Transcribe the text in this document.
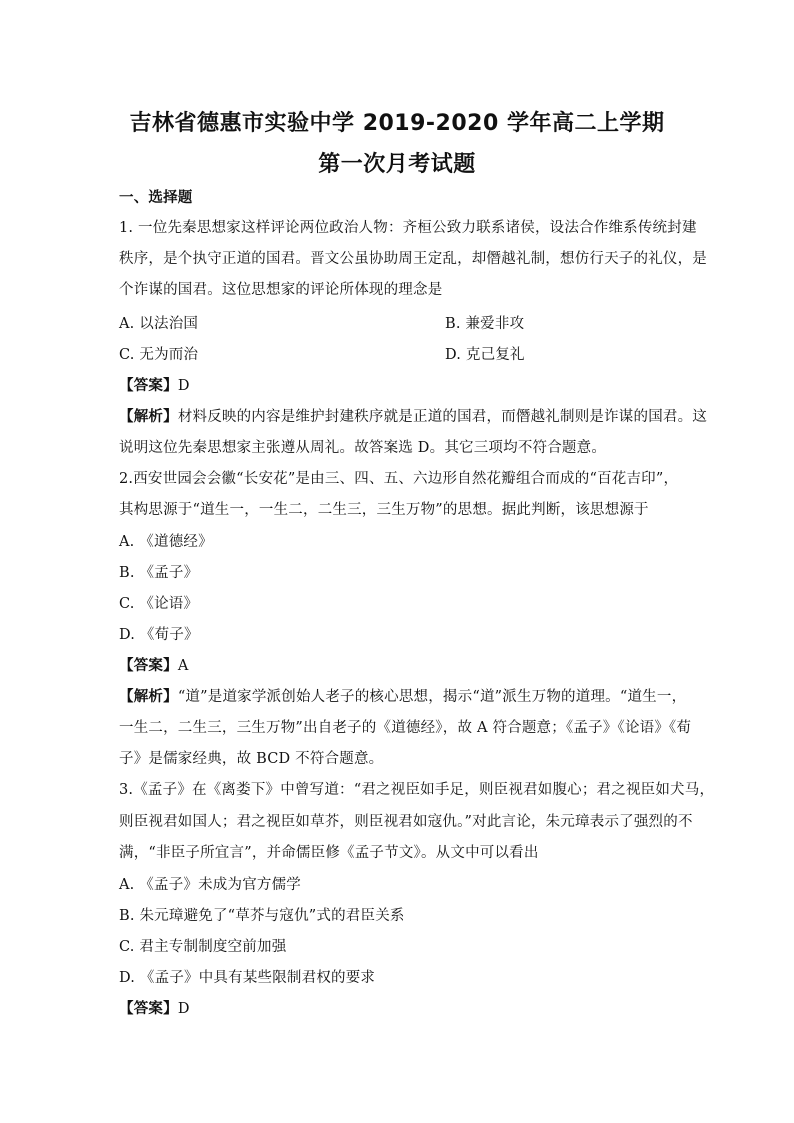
吉林省德惠市实验中学 2019-2020 学年高二上学期
第一次月考试题
一、选择题
1. 一位先秦思想家这样评论两位政治人物：齐桓公致力联系诸侯，设法合作维系传统封建
秩序，是个执守正道的国君。晋文公虽协助周王定乱，却僭越礼制，想仿行天子的礼仪，是
个诈谋的国君。这位思想家的评论所体现的理念是
A. 以法治国	B. 兼爱非攻
C. 无为而治	D. 克己复礼
【答案】D
【解析】材料反映的内容是维护封建秩序就是正道的国君，而僭越礼制则是诈谋的国君。这
说明这位先秦思想家主张遵从周礼。故答案选 D。其它三项均不符合题意。
2.西安世园会会徽“长安花”是由三、四、五、六边形自然花瓣组合而成的“百花吉印”，
其构思源于“道生一，一生二，二生三，三生万物”的思想。据此判断，该思想源于
A. 《道德经》
B. 《孟子》
C. 《论语》
D. 《荀子》
【答案】A
【解析】“道”是道家学派创始人老子的核心思想，揭示“道”派生万物的道理。“道生一，
一生二，二生三，三生万物”出自老子的《道德经》，故 A 符合题意；《孟子》《论语》《荀
子》是儒家经典，故 BCD 不符合题意。
3.《孟子》在《离娄下》中曾写道：“君之视臣如手足，则臣视君如腹心；君之视臣如犬马，
则臣视君如国人；君之视臣如草芥，则臣视君如寇仇。”对此言论，朱元璋表示了强烈的不
满，“非臣子所宜言”，并命儒臣修《孟子节文》。从文中可以看出
A. 《孟子》未成为官方儒学
B. 朱元璋避免了“草芥与寇仇”式的君臣关系
C. 君主专制制度空前加强
D. 《孟子》中具有某些限制君权的要求
【答案】D
